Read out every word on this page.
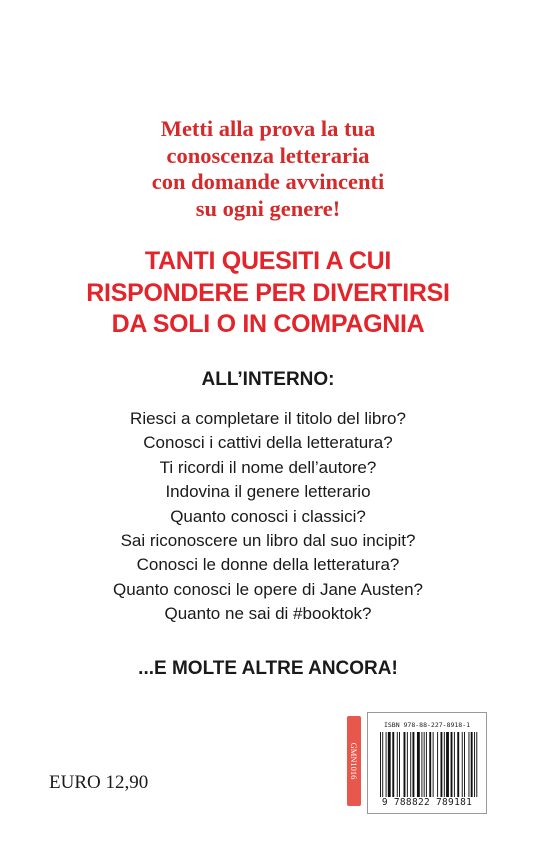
Metti alla prova la tua
conoscenza letteraria
con domande avvincenti
su ogni genere!
TANTI QUESITI A CUI
RISPONDERE PER DIVERTIRSI
DA SOLI O IN COMPAGNIA
ALL’INTERNO:
Riesci a completare il titolo del libro?
Conosci i cattivi della letteratura?
Ti ricordi il nome dell’autore?
Indovina il genere letterario
Quanto conosci i classici?
Sai riconoscere un libro dal suo incipit?
Conosci le donne della letteratura?
Quanto conosci le opere di Jane Austen?
Quanto ne sai di #booktok?
...E MOLTE ALTRE ANCORA!
EURO 12,90
GMN1016
ISBN 978-88-227-8918-1
9 788822 789181
